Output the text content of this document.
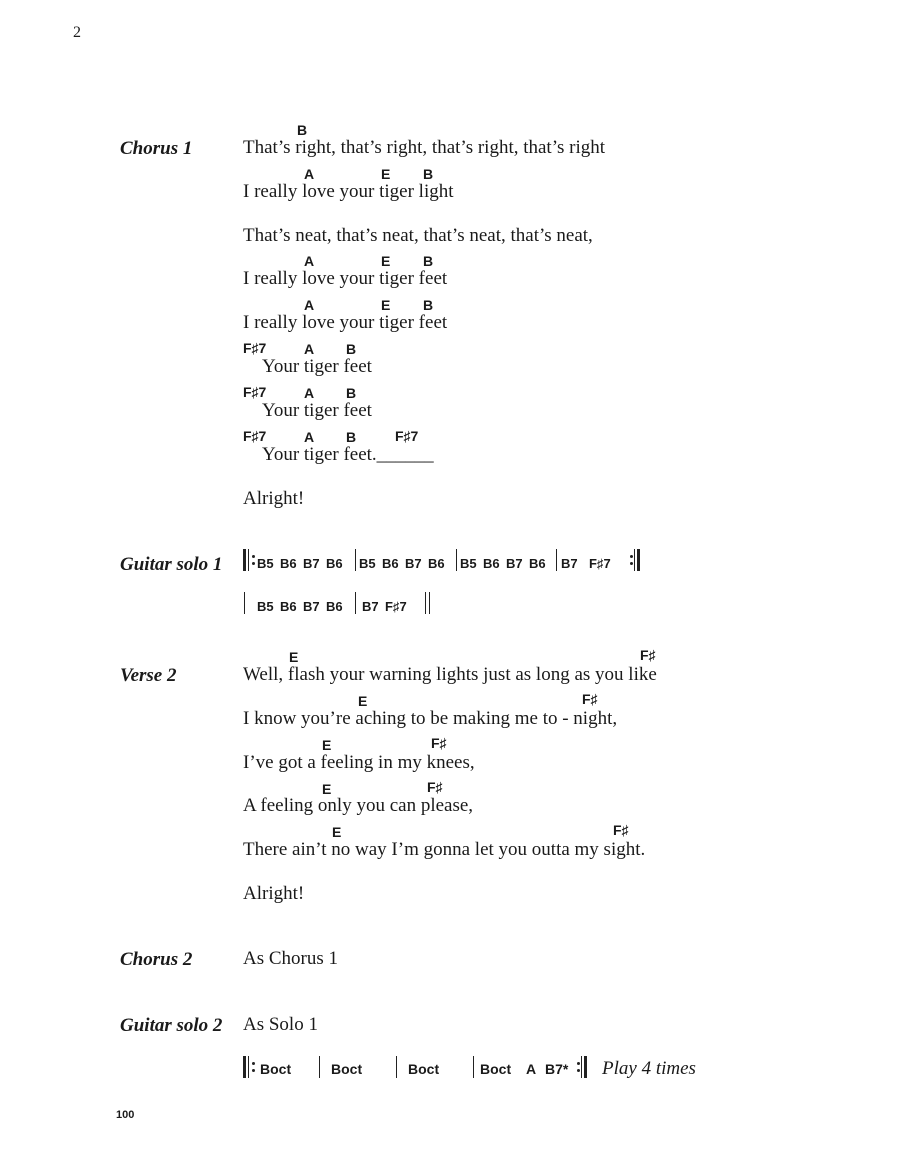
2
Chorus 1
B
That’s right, that’s right, that’s right, that’s right
A	E B
I really love your tiger light
That’s neat, that’s neat, that’s neat, that’s neat,
A	E B
I really love your tiger feet
A	E B
I really love your tiger feet
F♯7	A B
Your tiger feet
F♯7	A B
Your tiger feet
F♯7	A B	F♯7
Your tiger feet.______
Alright!
Guitar solo 1	B5 B6 B7 B6 B5 B6 B7 B6 B5 B6 B7 B6 B7 F♯7
B5 B6 B7 B6 B7 F♯7
Verse 2
E	F♯
Well, flash your warning lights just as long as you like
E	F♯
I know you’re aching to be making me to - night,
E	F♯
I’ve got a feeling in my knees,
E	F♯
A feeling only you can please,
E	F♯
There ain’t no way I’m gonna let you outta my sight.
Alright!
Chorus 2	As Chorus 1
Guitar solo 2 As Solo 1
Boct	Boct	Boct	Boct A B7* Play 4 times
100
